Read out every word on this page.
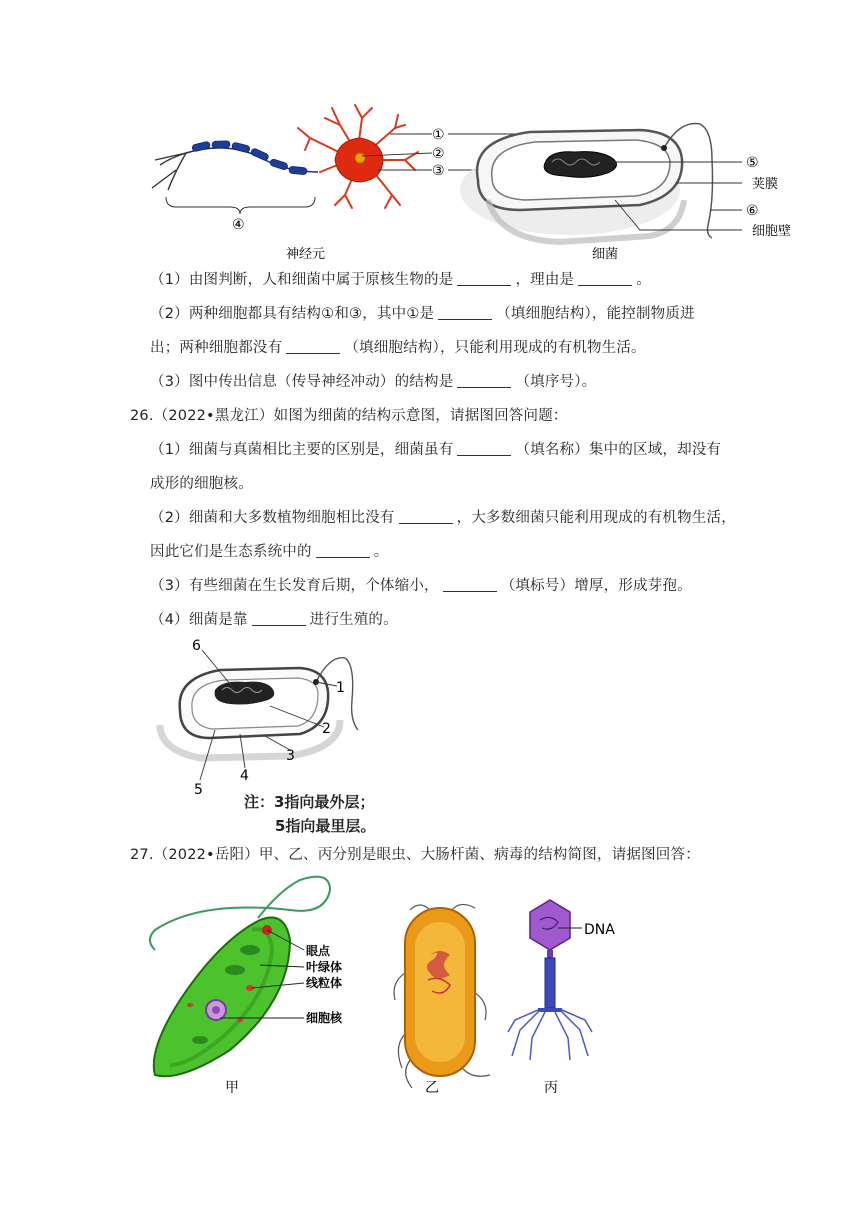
①
②
③
④
⑤
荚膜
⑥
细胞壁
神经元	细菌
（1）由图判断，人和细菌中属于原核生物的是	，理由是	。
（2）两种细胞都具有结构①和③，其中①是	（填细胞结构），能控制物质进
出；两种细胞都没有	（填细胞结构），只能利用现成的有机物生活。
（3）图中传出信息（传导神经冲动）的结构是	（填序号）。
26.（2022•黑龙江）如图为细菌的结构示意图，请据图回答问题：
（1）细菌与真菌相比主要的区别是，细菌虽有	（填名称）集中的区域，却没有
成形的细胞核。
（2）细菌和大多数植物细胞相比没有	，大多数细菌只能利用现成的有机物生活，
因此它们是生态系统中的	。
（3）有些细菌在生长发育后期，个体缩小，	（填标号）增厚，形成芽孢。
（4）细菌是靠	进行生殖的。
6
1
2
3
4
5
注：3指向最外层；
5指向最里层。
27.（2022•岳阳）甲、乙、丙分别是眼虫、大肠杆菌、病毒的结构简图，请据图回答：
眼点
叶绿体
线粒体
细胞核
DNA
甲	乙	丙
